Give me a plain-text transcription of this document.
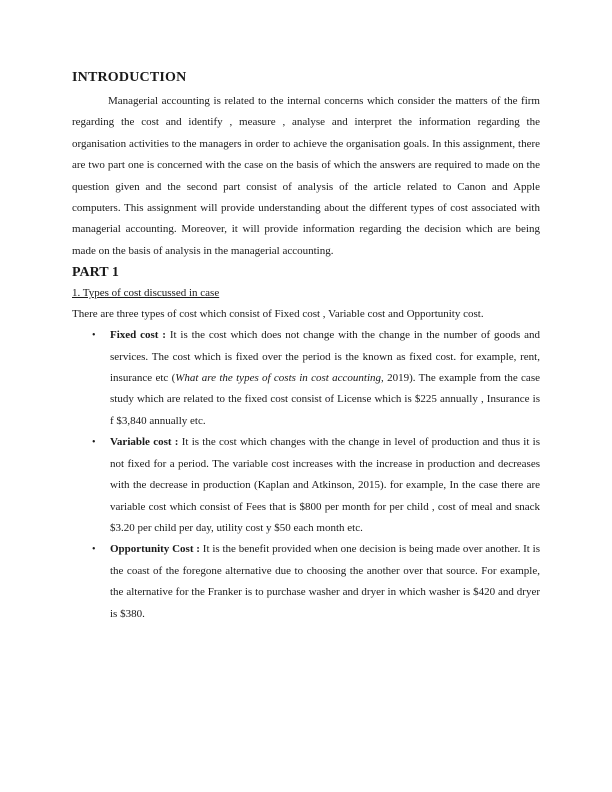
INTRODUCTION

Managerial accounting is related to the internal concerns which consider the matters of the firm regarding the cost and identify , measure , analyse and interpret the information regarding the organisation activities to the managers in order to achieve the organisation goals. In this assignment, there are two part one is concerned with the case on the basis of which the answers are required to made on the question given and the second part consist of analysis of the article related to Canon and Apple computers. This assignment will provide understanding about the different types of cost associated with managerial accounting. Moreover, it will provide information regarding the decision which are being made on the basis of analysis in the managerial accounting.

PART 1

1. Types of cost discussed in case

There are three types of cost which consist of Fixed cost , Variable cost and Opportunity cost.

• Fixed cost : It is the cost which does not change with the change in the number of goods and services. The cost which is fixed over the period is the known as fixed cost. for example, rent, insurance etc (What are the types of costs in cost accounting, 2019). The example from the case study which are related to the fixed cost consist of License which is $225 annually , Insurance is f $3,840 annually etc.
• Variable cost : It is the cost which changes with the change in level of production and thus it is not fixed for a period. The variable cost increases with the increase in production and decreases with the decrease in production (Kaplan and Atkinson, 2015). for example, In the case there are variable cost which consist of Fees that is $800 per month for per child , cost of meal and snack $3.20 per child per day, utility cost y $50 each month etc.
• Opportunity Cost : It is the benefit provided when one decision is being made over another. It is the coast of the foregone alternative due to choosing the another over that source. For example, the alternative for the Franker is to purchase washer and dryer in which washer is $420 and dryer is $380.
